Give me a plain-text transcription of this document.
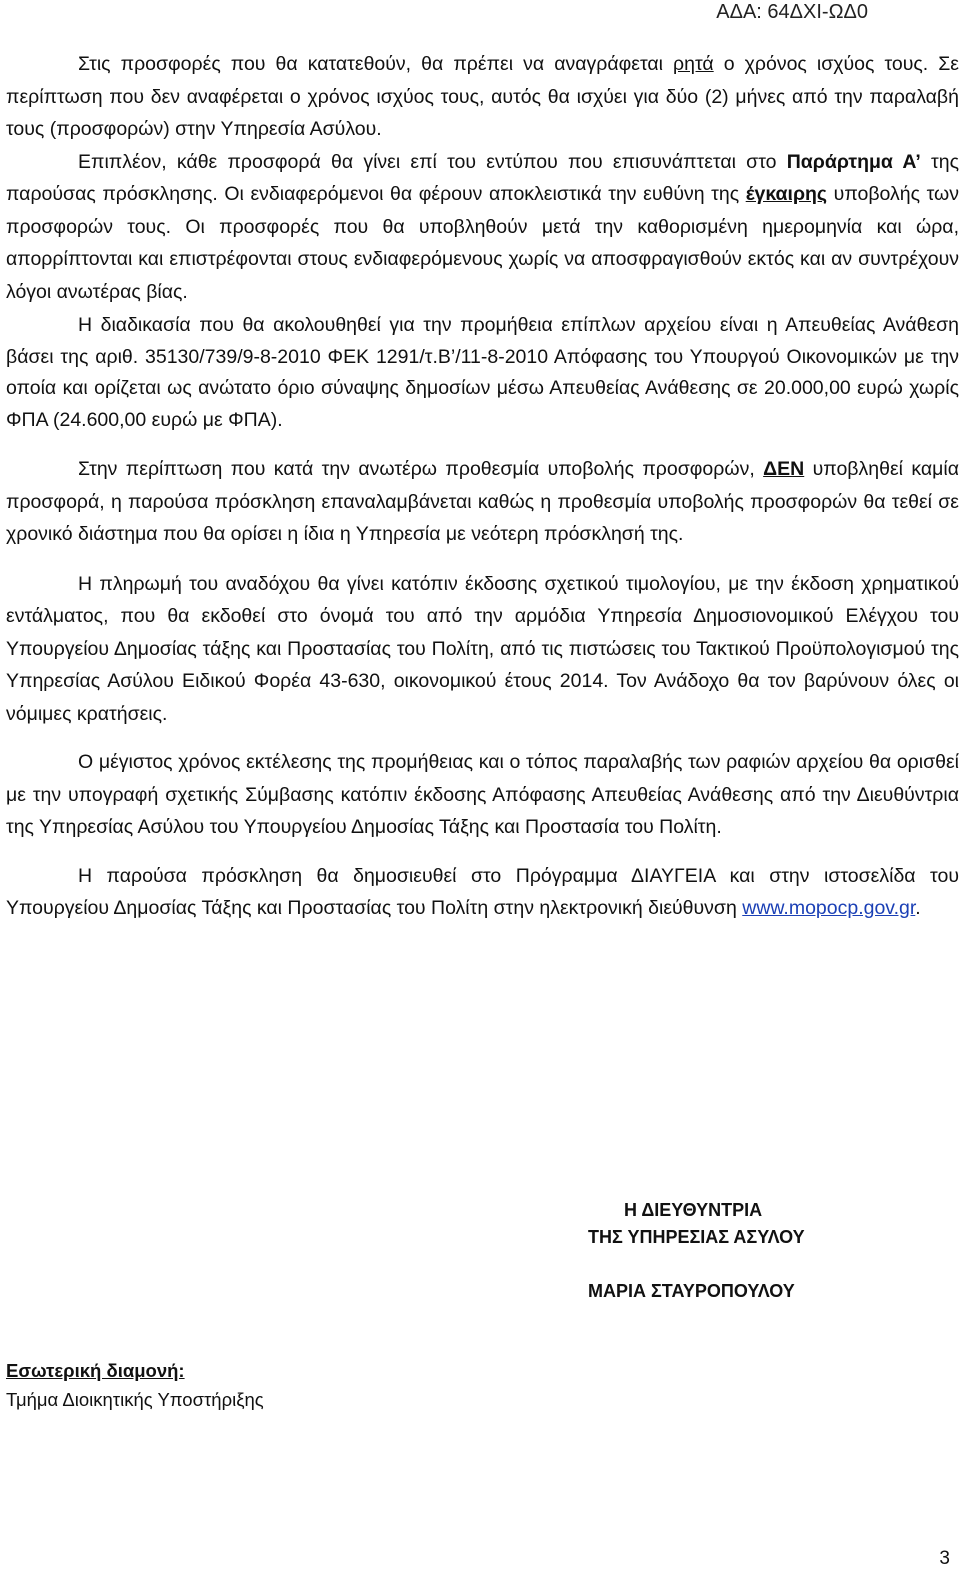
ΑΔΑ: 64ΔΧΙ-ΩΔ0

Στις προσφορές που θα κατατεθούν, θα πρέπει να αναγράφεται ρητά ο χρόνος ισχύος τους. Σε περίπτωση που δεν αναφέρεται ο χρόνος ισχύος τους, αυτός θα ισχύει για δύο (2) μήνες από την παραλαβή τους (προσφορών) στην Υπηρεσία Ασύλου.

Επιπλέον, κάθε προσφορά θα γίνει επί του εντύπου που επισυνάπτεται στο Παράρτημα Α’ της παρούσας πρόσκλησης. Οι ενδιαφερόμενοι θα φέρουν αποκλειστικά την ευθύνη της έγκαιρης υποβολής των προσφορών τους. Οι προσφορές που θα υποβληθούν μετά την καθορισμένη ημερομηνία και ώρα, απορρίπτονται και επιστρέφονται στους ενδιαφερόμενους χωρίς να αποσφραγισθούν εκτός και αν συντρέχουν λόγοι ανωτέρας βίας.

Η διαδικασία που θα ακολουθηθεί για την προμήθεια επίπλων αρχείου είναι η Απευθείας Ανάθεση βάσει της αριθ. 35130/739/9-8-2010 ΦΕΚ 1291/τ.Β’/11-8-2010 Απόφασης του Υπουργού Οικονομικών με την οποία και ορίζεται ως ανώτατο όριο σύναψης δημοσίων μέσω Απευθείας Ανάθεσης σε 20.000,00 ευρώ χωρίς ΦΠΑ (24.600,00 ευρώ με ΦΠΑ).

Στην περίπτωση που κατά την ανωτέρω προθεσμία υποβολής προσφορών, ΔΕΝ υποβληθεί καμία προσφορά, η παρούσα πρόσκληση επαναλαμβάνεται καθώς η προθεσμία υποβολής προσφορών θα τεθεί σε χρονικό διάστημα που θα ορίσει η ίδια η Υπηρεσία με νεότερη πρόσκλησή της.

Η πληρωμή του αναδόχου θα γίνει κατόπιν έκδοσης σχετικού τιμολογίου, με την έκδοση χρηματικού εντάλματος, που θα εκδοθεί στο όνομά του από την αρμόδια Υπηρεσία Δημοσιονομικού Ελέγχου του Υπουργείου Δημοσίας τάξης και Προστασίας του Πολίτη, από τις πιστώσεις του Τακτικού Προϋπολογισμού της Υπηρεσίας Ασύλου Ειδικού Φορέα 43-630, οικονομικού έτους 2014. Τον Ανάδοχο θα τον βαρύνουν όλες οι νόμιμες κρατήσεις.

Ο μέγιστος χρόνος εκτέλεσης της προμήθειας και ο τόπος παραλαβής των ραφιών αρχείου θα ορισθεί με την υπογραφή σχετικής Σύμβασης κατόπιν έκδοσης Απόφασης Απευθείας Ανάθεσης από την Διευθύντρια της Υπηρεσίας Ασύλου του Υπουργείου Δημοσίας Τάξης και Προστασία του Πολίτη.

Η παρούσα πρόσκληση θα δημοσιευθεί στο Πρόγραμμα ΔΙΑΥΓΕΙΑ και στην ιστοσελίδα του Υπουργείου Δημοσίας Τάξης και Προστασίας του Πολίτη στην ηλεκτρονική διεύθυνση www.mopocp.gov.gr.

Η ΔΙΕΥΘΥΝΤΡΙΑ
ΤΗΣ ΥΠΗΡΕΣΙΑΣ ΑΣΥΛΟΥ
ΜΑΡΙΑ ΣΤΑΥΡΟΠΟΥΛΟΥ
Εσωτερική διαμονή:
Τμήμα Διοικητικής Υποστήριξης
3
